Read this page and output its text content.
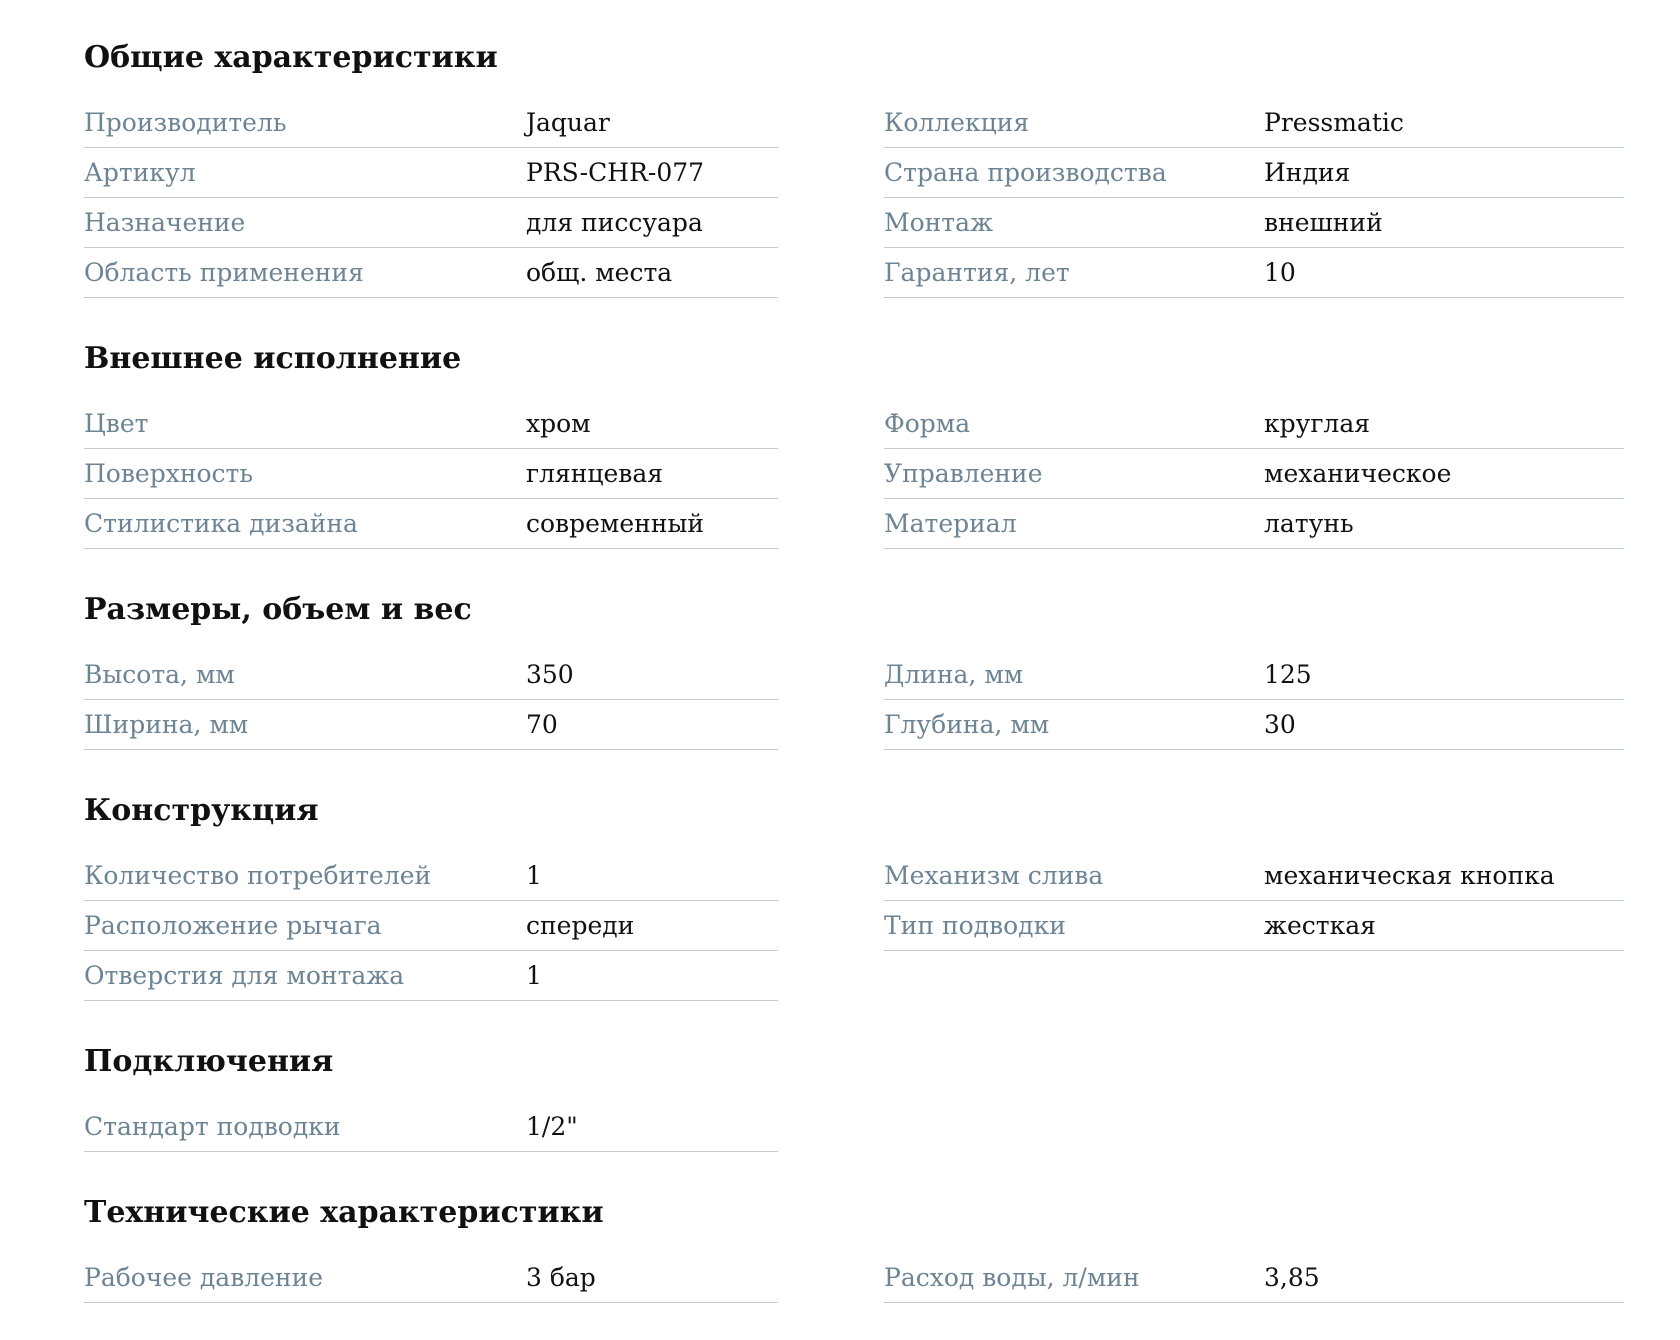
Общие характеристики
Производитель	Jaquar
Артикул	PRS-CHR-077
Назначение	для писсуара
Область применения	общ. места
Коллекция	Pressmatic
Страна производства	Индия
Монтаж	внешний
Гарантия, лет	10
Внешнее исполнение
Цвет	хром
Поверхность	глянцевая
Стилистика дизайна	современный
Форма	круглая
Управление	механическое
Материал	латунь
Размеры, объем и вес
Высота, мм	350
Ширина, мм	70
Длина, мм	125
Глубина, мм	30
Конструкция
Количество потребителей	1
Расположение рычага	спереди
Отверстия для монтажа	1
Механизм слива	механическая кнопка
Тип подводки	жесткая
Подключения
Стандарт подводки	1/2"
Технические характеристики
Рабочее давление	3 бар	Расход воды, л/мин	3,85
